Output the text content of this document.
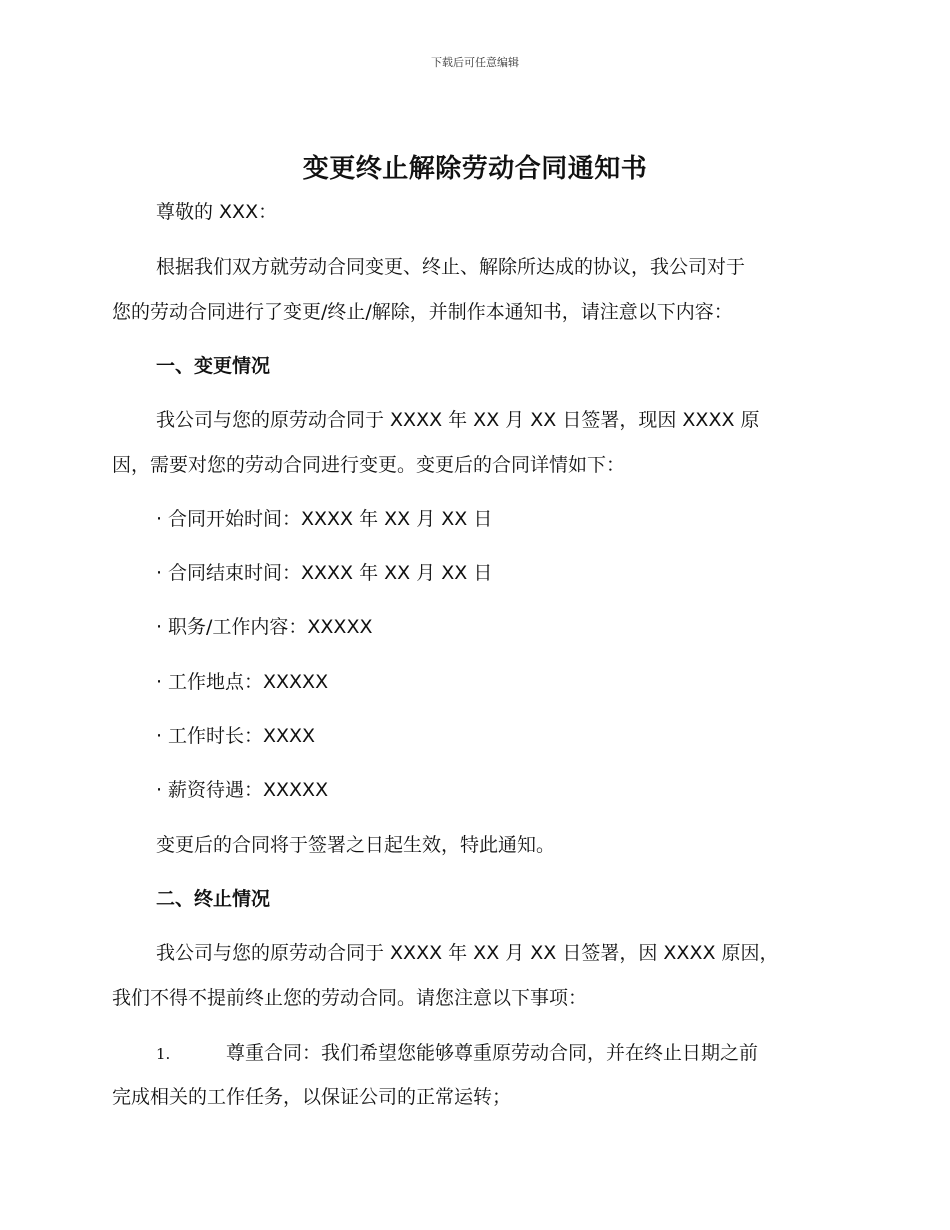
下载后可任意编辑
变更终止解除劳动合同通知书

尊敬的 XXX：

根据我们双方就劳动合同变更、终止、解除所达成的协议，我公司对于

您的劳动合同进行了变更/终止/解除，并制作本通知书，请注意以下内容：

一、变更情况

我公司与您的原劳动合同于 XXXX 年 XX 月 XX 日签署，现因 XXXX 原

因，需要对您的劳动合同进行变更。变更后的合同详情如下：

· 合同开始时间：XXXX 年 XX 月 XX 日

· 合同结束时间：XXXX 年 XX 月 XX 日

· 职务/工作内容：XXXXX

· 工作地点：XXXXX

· 工作时长：XXXX

· 薪资待遇：XXXXX

变更后的合同将于签署之日起生效，特此通知。

二、终止情况

我公司与您的原劳动合同于 XXXX 年 XX 月 XX 日签署，因 XXXX 原因，

我们不得不提前终止您的劳动合同。请您注意以下事项：

1.	尊重合同：我们希望您能够尊重原劳动合同，并在终止日期之前

完成相关的工作任务，以保证公司的正常运转；
